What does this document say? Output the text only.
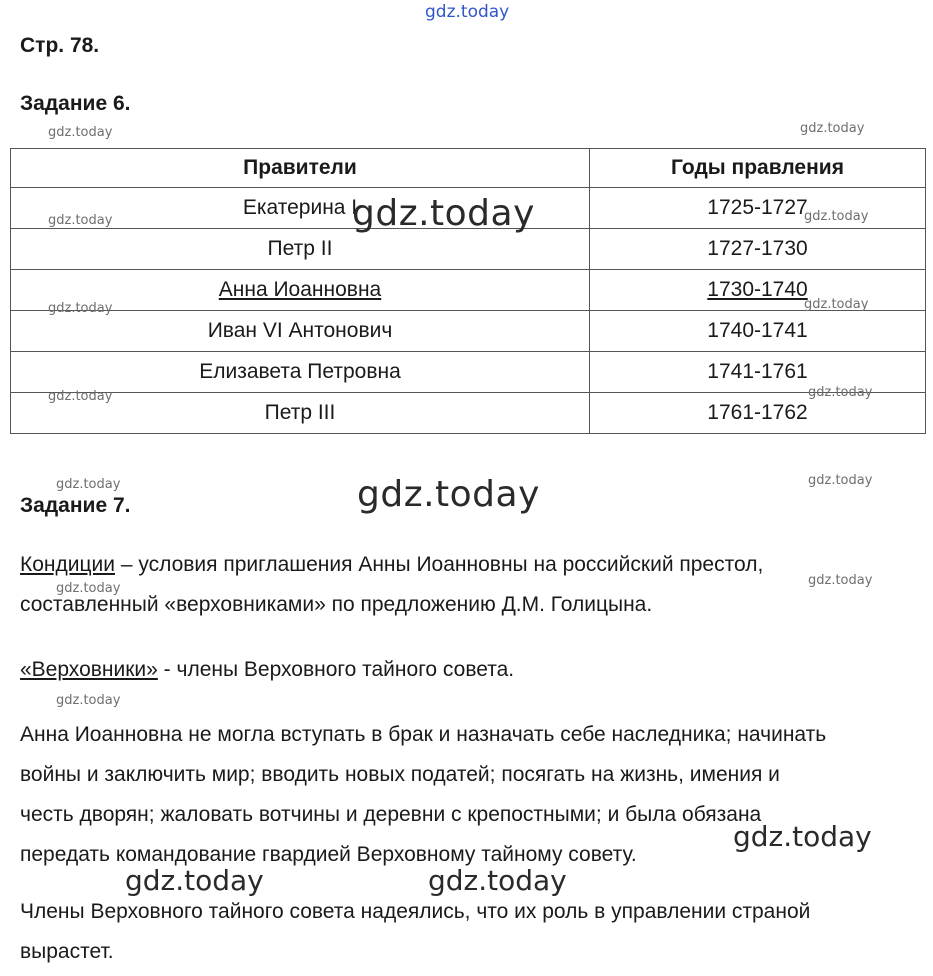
gdz.today
Стр. 78.
Задание 6.
Правители	Годы правления
Екатерина I	1725-1727
Петр II	1727-1730
Анна Иоанновна	1730-1740
Иван VI Антонович	1740-1741
Елизавета Петровна	1741-1761
Петр III	1761-1762
Задание 7.
Кондиции – условия приглашения Анны Иоанновны на российский престол,
составленный «верховниками» по предложению Д.М. Голицына.
«Верховники» - члены Верховного тайного совета.
Анна Иоанновна не могла вступать в брак и назначать себе наследника; начинать
войны и заключить мир; вводить новых податей; посягать на жизнь, имения и
честь дворян; жаловать вотчины и деревни с крепостными; и была обязана
передать командование гвардией Верховному тайному совету.
Члены Верховного тайного совета надеялись, что их роль в управлении страной
вырастет.
gdz.today	gdz.today
gdz.today	gdz.today
gdz.today	gdz.today
gdz.today	gdz.today
gdz.today	gdz.today
gdz.today
gdz.today
gdz.today
gdz.today
gdz.today
gdz.today
gdz.today	gdz.today
